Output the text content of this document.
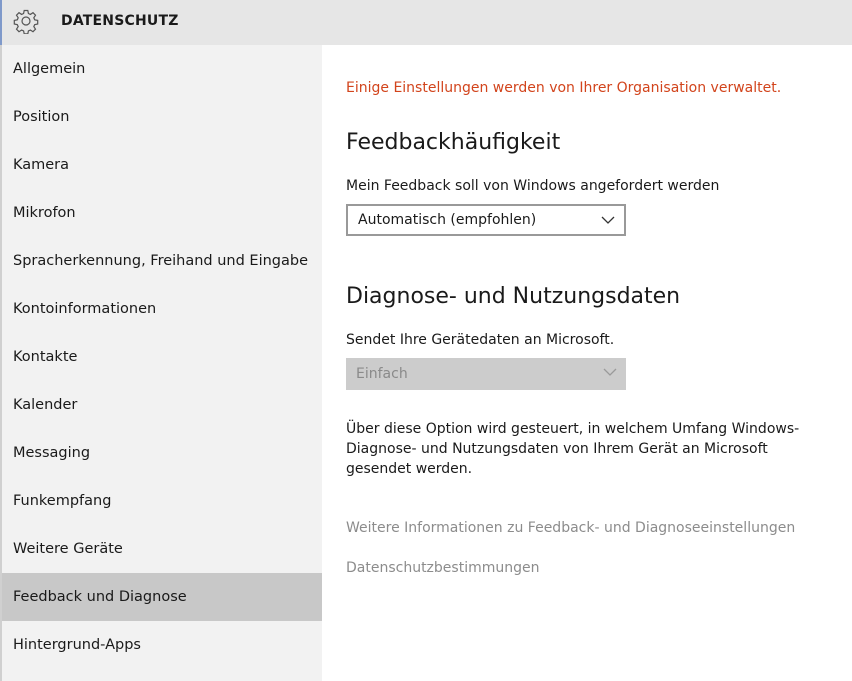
DATENSCHUTZ
Allgemein
Position
Kamera
Mikrofon
Spracherkennung, Freihand und Eingabe
Kontoinformationen
Kontakte
Kalender
Messaging
Funkempfang
Weitere Geräte
Feedback und Diagnose
Hintergrund-Apps
Einige Einstellungen werden von Ihrer Organisation verwaltet.
Feedbackhäufigkeit
Mein Feedback soll von Windows angefordert werden
Automatisch (empfohlen)
Diagnose- und Nutzungsdaten
Sendet Ihre Gerätedaten an Microsoft.
Einfach
Über diese Option wird gesteuert, in welchem Umfang Windows-Diagnose- und Nutzungsdaten von Ihrem Gerät an Microsoft gesendet werden.
Weitere Informationen zu Feedback- und Diagnoseeinstellungen
Datenschutzbestimmungen
